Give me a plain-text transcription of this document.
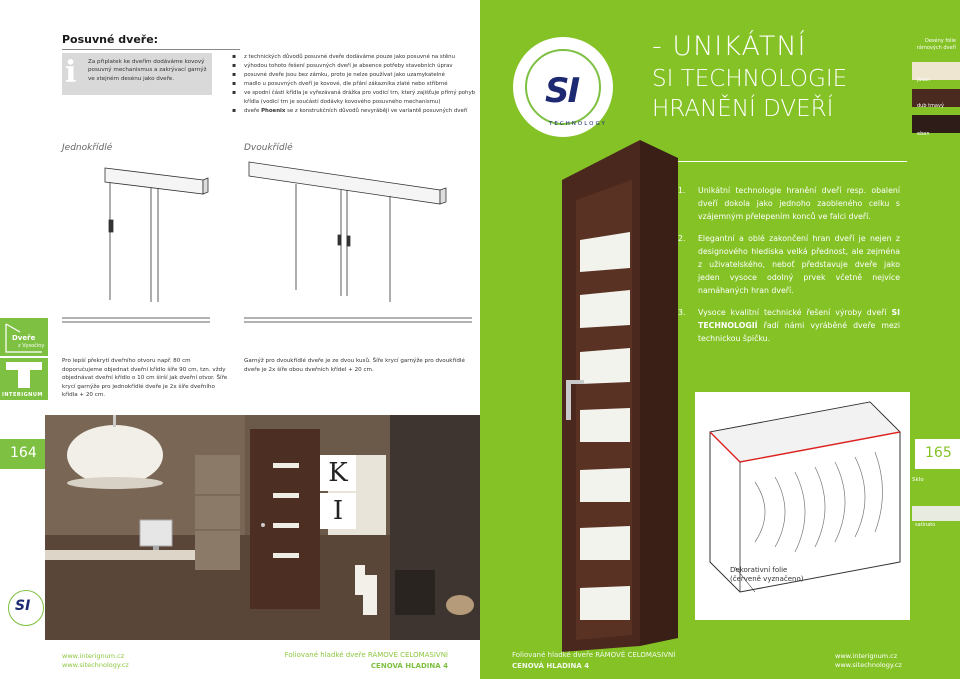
Posuvné dveře:
i Za připlatek ke dveřím dodáváme kovový posuvný mechanismus a zakrývací garnýž ve stejném desénu jako dveře.
▪ z technických důvodů posuvné dveře dodáváme pouze jako posuvné na stěnu
▪ výhodou tohoto řešení posuvných dveří je absence potřeby stavebních úprav
▪ posuvné dveře jsou bez zámku, proto je nelze používat jako uzamykatelné
▪ madlo u posuvných dveří je kovové, dle přání zákazníka zlaté nebo stříbrné
▪ ve spodní části křídla je vyřezávaná drážka pro vodicí trn, který zajišťuje přímý pohyb křídla (vodicí trn je součástí dodávky kovového posuvného mechanismu)
▪ dveře Phoenix se z konstrukčních důvodů nevyrábějí ve variantě posuvných dveří
Jednokřídlé	Dvoukřídlé
Pro lepší překrytí dveřního otvoru např. 80 cm doporučujeme objednat dveřní křídlo šíře 90 cm, tzn. vždy objednávat dveřní křídlo o 10 cm širší jak dveřní otvor. Šíře krycí garnýže pro jednokřídlé dveře je 2x šíře dveřního křídla + 20 cm.
Garnýž pro dvoukřídlé dveře je ze dvou kusů. Šíře krycí garnýže pro dvoukřídlé dveře je 2x šíře obou dveřních křídel + 20 cm.
Dveře
z Vysočiny
INTERIGNUM
K
I
164
SI
www.interignum.cz
www.sitechnology.cz
Foliované hladké dveře RÁMOVÉ CELOMASIVNÍ
CENOVÁ HLADINA 4
SI
TECHNOLOGY
- UNIKÁTNÍ
SI TECHNOLOGIE
HRANĚNÍ DVEŘÍ
Desény folie rámových dveří
jasan
dub tmavý
eben
1. Unikátní technologie hranění dveří resp. obalení dveří dokola jako jednoho zaobleného celku s vzájemným přelepením konců ve falci dveří.
2. Elegantní a oblé zakončení hran dveří je nejen z designového hlediska velká přednost, ale zejména z uživatelského, neboť představuje dveře jako jeden vysoce odolný prvek včetně nejvíce namáhaných hran dveří.
3. Vysoce kvalitní technické řešení výroby dveří SI TECHNOLOGIÍ řadí námi vyráběné dveře mezi technickou špičku.
Dekorativní folie
(červeně vyznačeno)
Foliované hladké dveře RÁMOVÉ CELOMASIVNÍ
CENOVÁ HLADINA 4
www.interignum.cz
www.sitechnology.cz
165
Sklo
satinato
